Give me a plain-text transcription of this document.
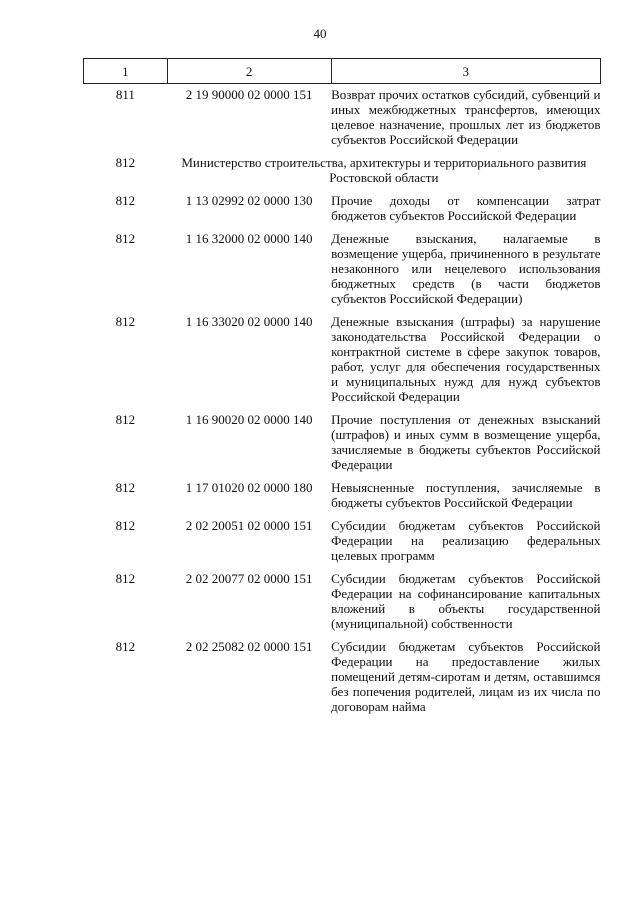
40
1	2	3
811	2 19 90000 02 0000 151	Возврат прочих остатков субсидий, субвенций и иных межбюджетных трансфертов, имеющих целевое назначение, прошлых лет из бюджетов субъектов Российской Федерации
812	Министерство строительства, архитектуры и территориального развития Ростовской области	
812	1 13 02992 02 0000 130	Прочие доходы от компенсации затрат бюджетов субъектов Российской Федерации
812	1 16 32000 02 0000 140	Денежные взыскания, налагаемые в возмещение ущерба, причиненного в результате незаконного или нецелевого использования бюджетных средств (в части бюджетов субъектов Российской Федерации)
812	1 16 33020 02 0000 140	Денежные взыскания (штрафы) за нарушение законодательства Российской Федерации о контрактной системе в сфере закупок товаров, работ, услуг для обеспечения государственных и муниципальных нужд для нужд субъектов Российской Федерации
812	1 16 90020 02 0000 140	Прочие поступления от денежных взысканий (штрафов) и иных сумм в возмещение ущерба, зачисляемые в бюджеты субъектов Российской Федерации
812	1 17 01020 02 0000 180	Невыясненные поступления, зачисляемые в бюджеты субъектов Российской Федерации
812	2 02 20051 02 0000 151	Субсидии бюджетам субъектов Российской Федерации на реализацию федеральных целевых программ
812	2 02 20077 02 0000 151	Субсидии бюджетам субъектов Российской Федерации на софинансирование капитальных вложений в объекты государственной (муниципальной) собственности
812	2 02 25082 02 0000 151	Субсидии бюджетам субъектов Российской Федерации на предоставление жилых помещений детям-сиротам и детям, оставшимся без попечения родителей, лицам из их числа по договорам найма
